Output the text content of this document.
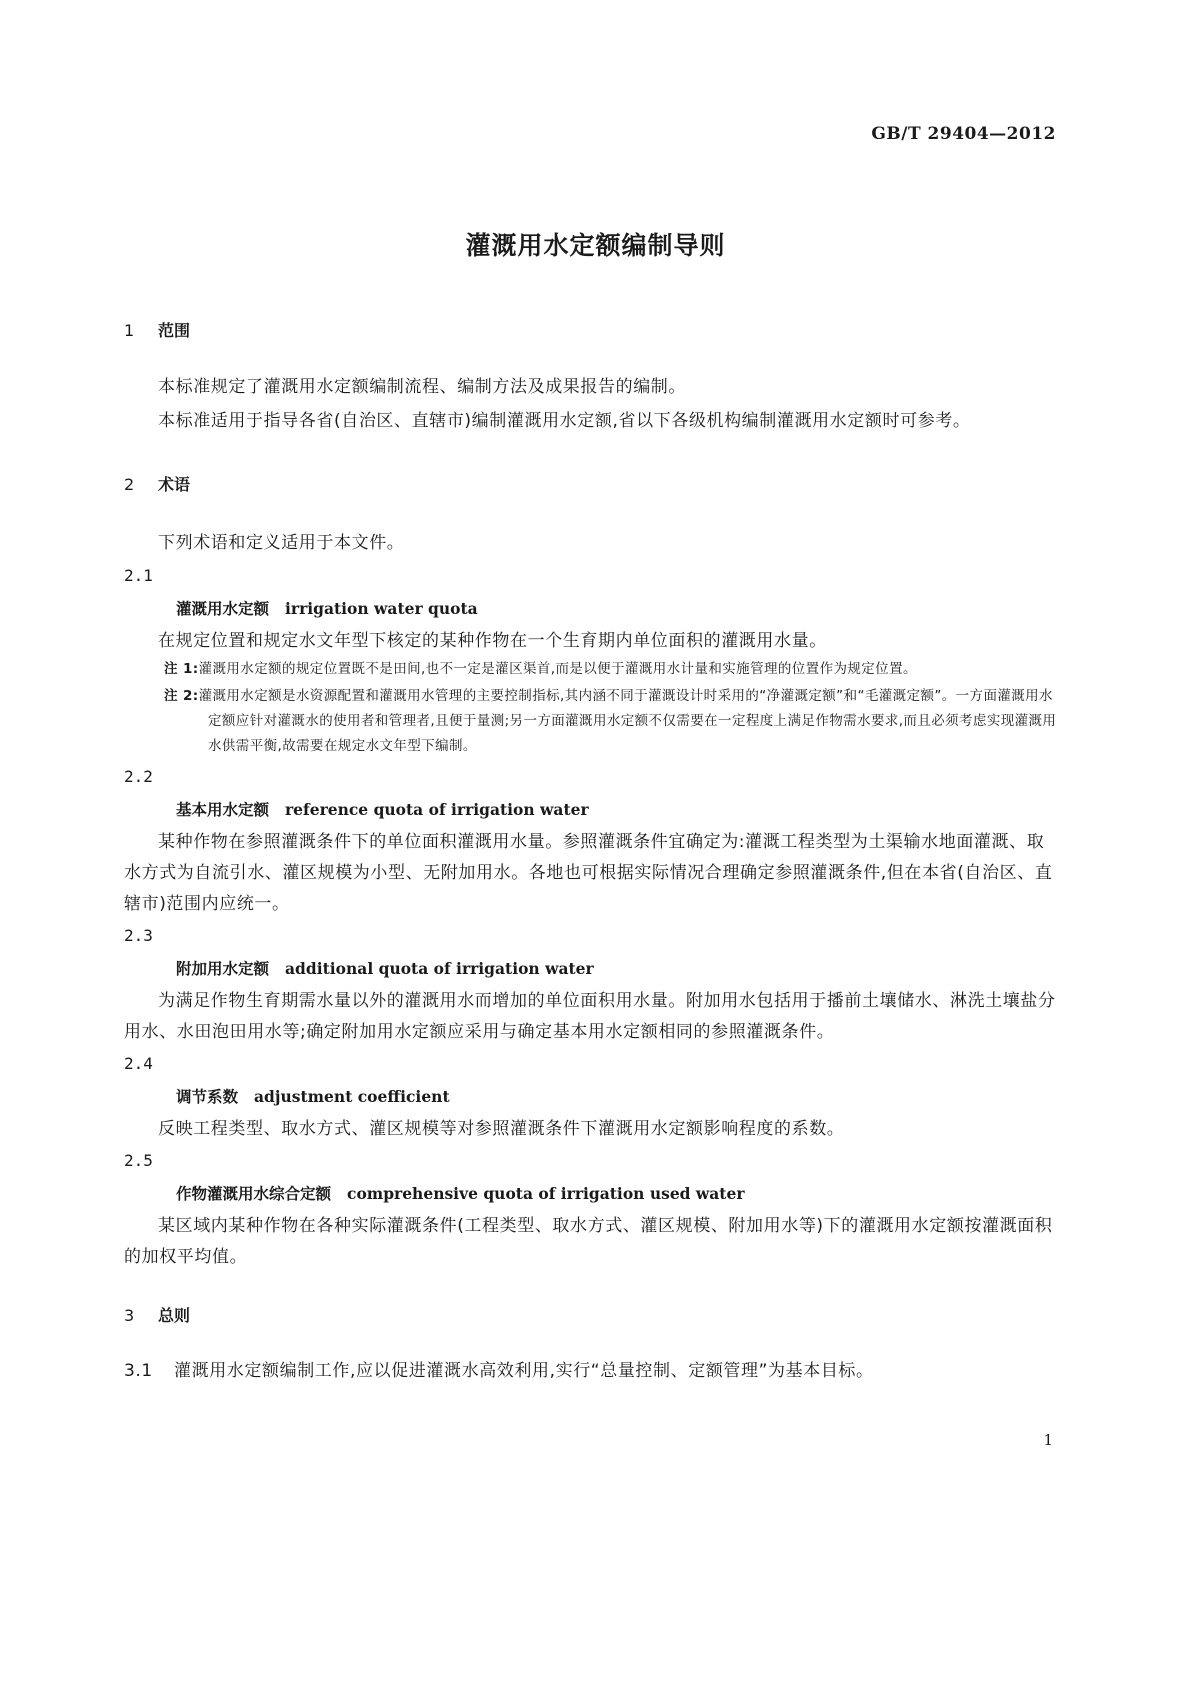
GB/T 29404—2012
灌溉用水定额编制导则

1 范围

本标准规定了灌溉用水定额编制流程、编制方法及成果报告的编制。

本标准适用于指导各省(自治区、直辖市)编制灌溉用水定额,省以下各级机构编制灌溉用水定额时可参考。

2 术语

下列术语和定义适用于本文件。

2.1

灌溉用水定额 irrigation water quota

在规定位置和规定水文年型下核定的某种作物在一个生育期内单位面积的灌溉用水量。

注 1:灌溉用水定额的规定位置既不是田间,也不一定是灌区渠首,而是以便于灌溉用水计量和实施管理的位置作为规定位置。

注 2:灌溉用水定额是水资源配置和灌溉用水管理的主要控制指标,其内涵不同于灌溉设计时采用的“净灌溉定额”和“毛灌溉定额”。一方面灌溉用水定额应针对灌溉水的使用者和管理者,且便于量测;另一方面灌溉用水定额不仅需要在一定程度上满足作物需水要求,而且必须考虑实现灌溉用水供需平衡,故需要在规定水文年型下编制。

2.2

基本用水定额 reference quota of irrigation water

某种作物在参照灌溉条件下的单位面积灌溉用水量。参照灌溉条件宜确定为:灌溉工程类型为土渠输水地面灌溉、取水方式为自流引水、灌区规模为小型、无附加用水。各地也可根据实际情况合理确定参照灌溉条件,但在本省(自治区、直辖市)范围内应统一。

2.3

附加用水定额 additional quota of irrigation water

为满足作物生育期需水量以外的灌溉用水而增加的单位面积用水量。附加用水包括用于播前土壤储水、淋洗土壤盐分用水、水田泡田用水等;确定附加用水定额应采用与确定基本用水定额相同的参照灌溉条件。

2.4

调节系数 adjustment coefficient

反映工程类型、取水方式、灌区规模等对参照灌溉条件下灌溉用水定额影响程度的系数。

2.5

作物灌溉用水综合定额 comprehensive quota of irrigation used water

某区域内某种作物在各种实际灌溉条件(工程类型、取水方式、灌区规模、附加用水等)下的灌溉用水定额按灌溉面积的加权平均值。

3 总则

3.1 灌溉用水定额编制工作,应以促进灌溉水高效利用,实行“总量控制、定额管理”为基本目标。

1
